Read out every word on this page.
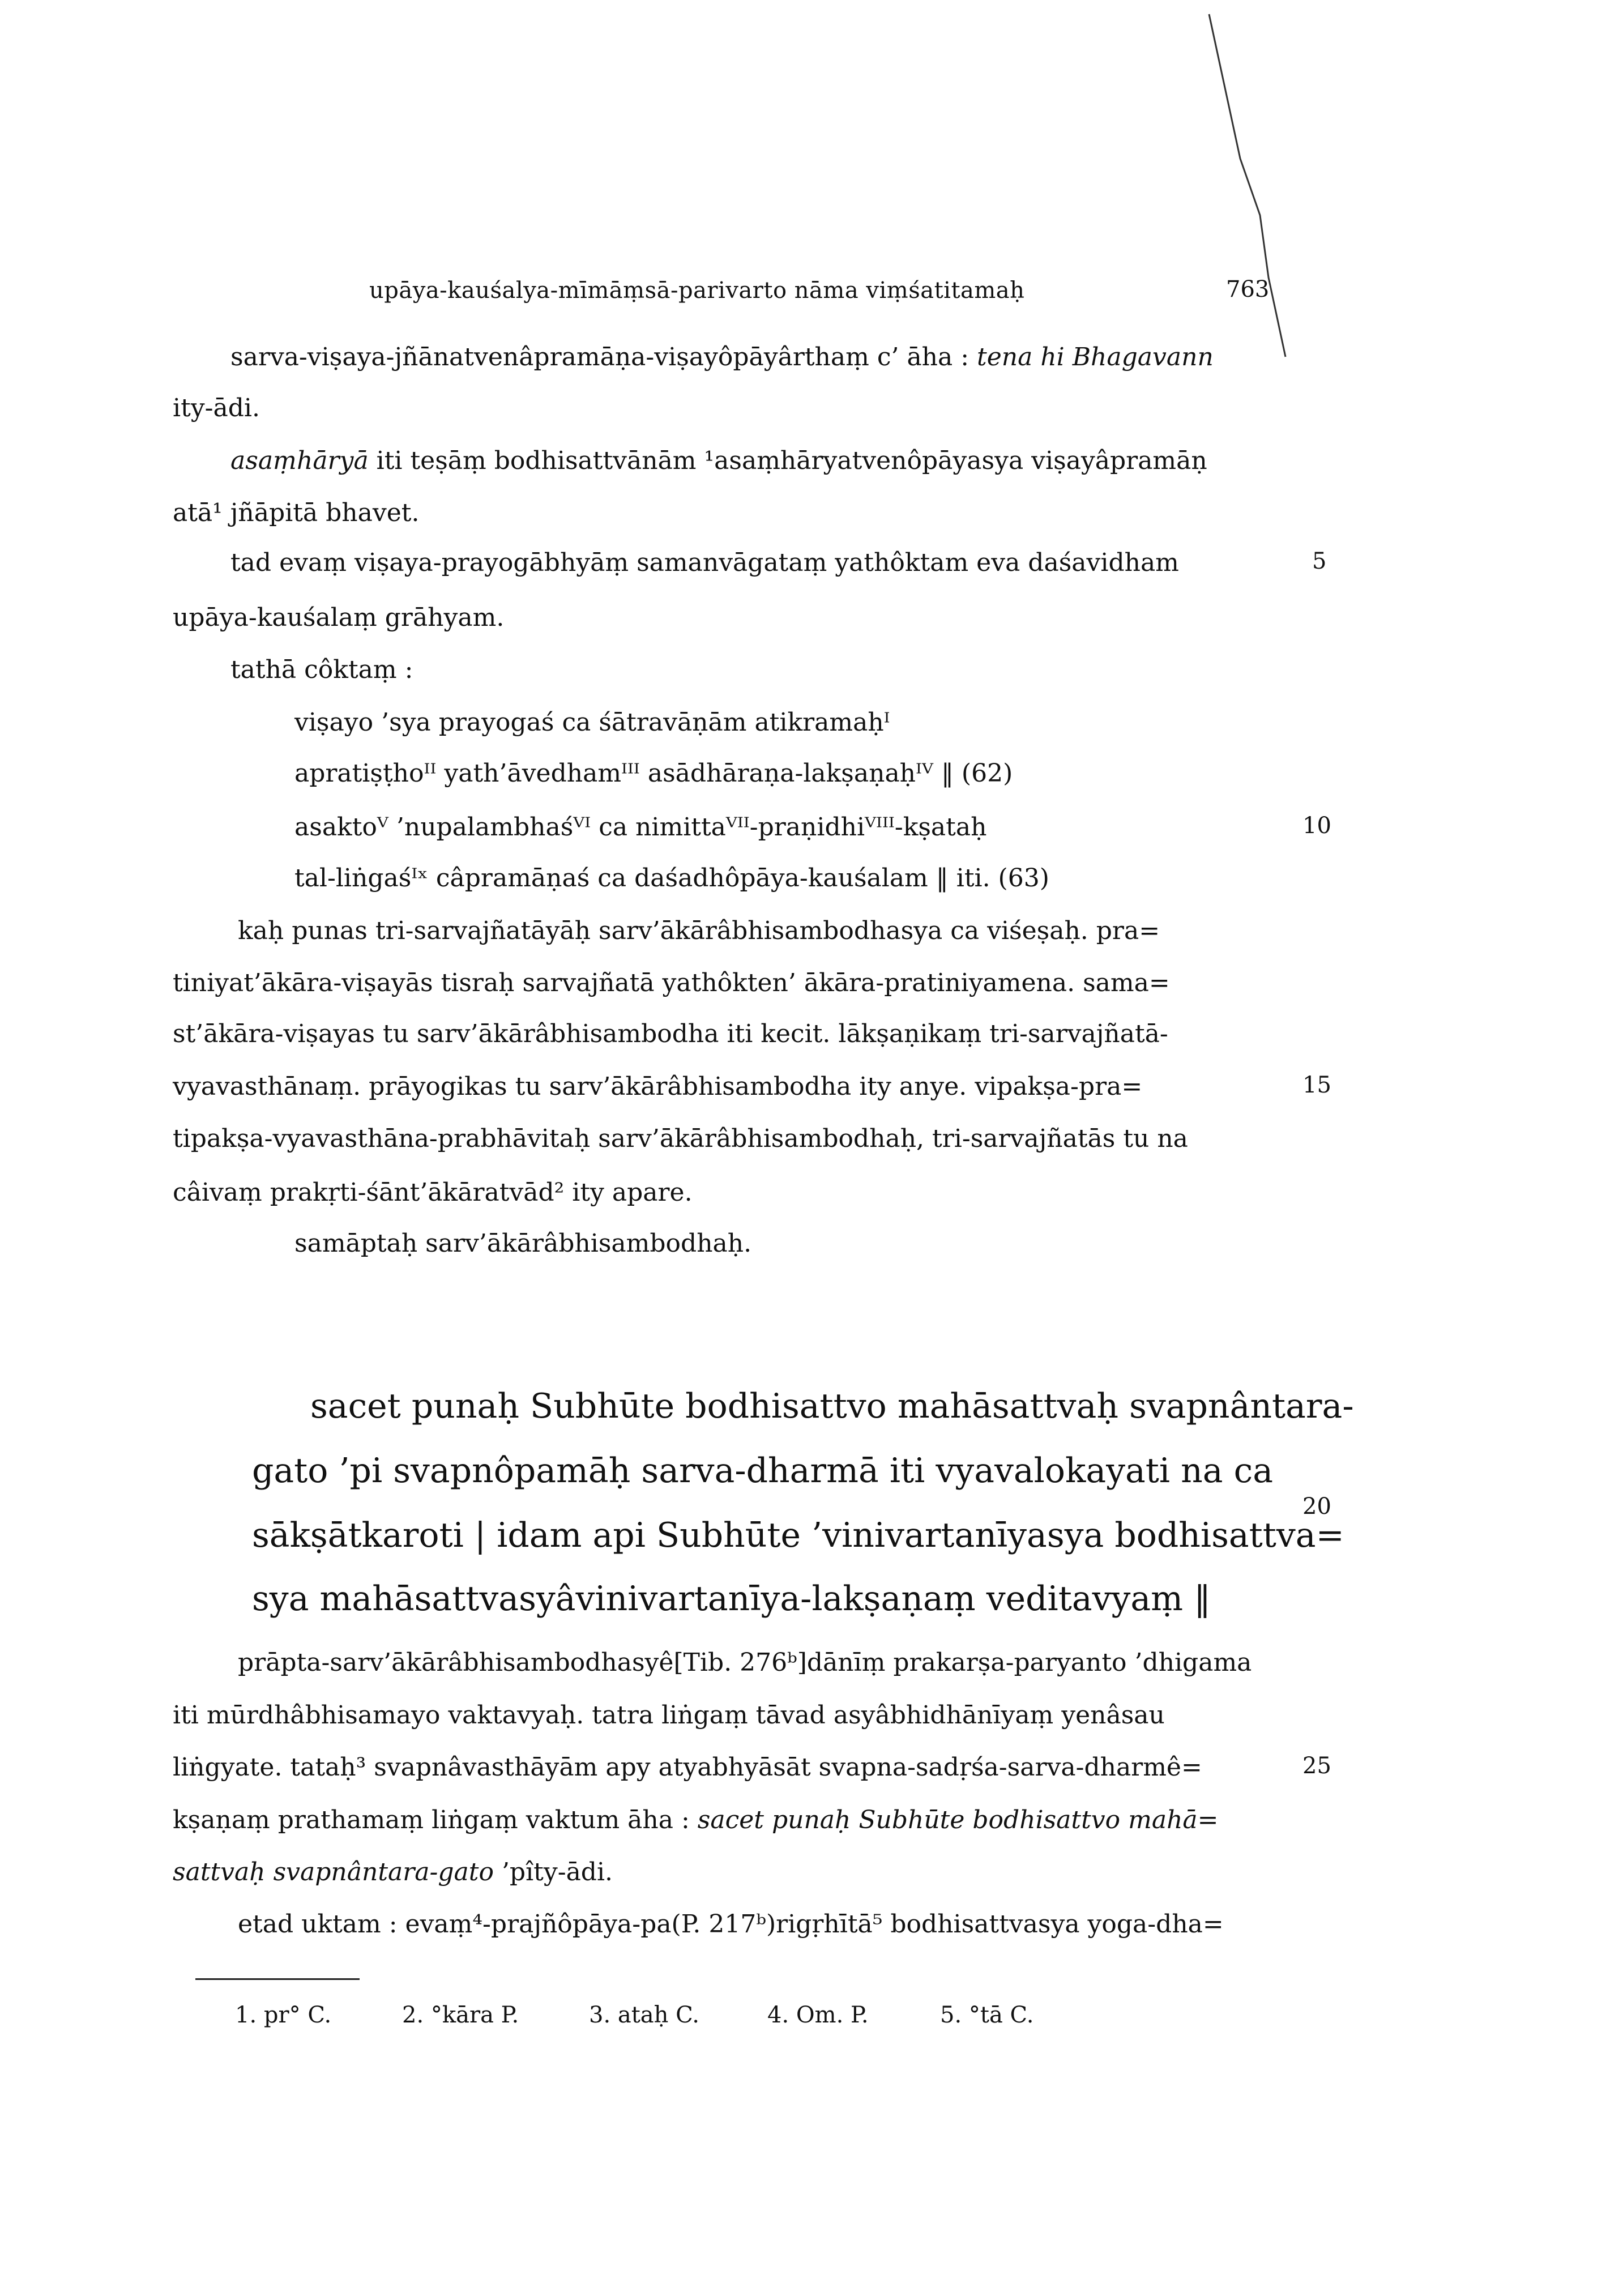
upāya-kauśalya-mīmāṃsā-parivarto nāma viṃśatitamaḥ	763
sarva-viṣaya-jñānatvenâpramāṇa-viṣayôpāyârthaṃ c’ āha : tena hi Bhagavann
ity-ādi.
asaṃhāryā iti teṣāṃ bodhisattvānām ¹asaṃhāryatvenôpāyasya viṣayâpramāṇ
atā¹ jñāpitā bhavet.
tad evaṃ viṣaya-prayogābhyāṃ samanvāgataṃ yathôktam eva daśavidham
upāya-kauśalaṃ grāhyam.
tathā côktaṃ :
viṣayo ’sya prayogaś ca śātravāṇām atikramaḥᴵ
apratiṣṭhoᴵᴵ yath’āvedhamᴵᴵᴵ asādhāraṇa-lakṣaṇaḥᴵⱽ ‖ (62)
asaktoⱽ ’nupalambhaśⱽᴵ ca nimittaⱽᴵᴵ-praṇidhiⱽᴵᴵᴵ-kṣataḥ
tal-liṅgaśᴵˣ câpramāṇaś ca daśadhôpāya-kauśalam ‖ iti. (63)
kaḥ punas tri-sarvajñatāyāḥ sarv’ākārâbhisambodhasya ca viśeṣaḥ. pra=
tiniyat’ākāra-viṣayās tisraḥ sarvajñatā yathôkten’ ākāra-pratiniyamena. sama=
st’ākāra-viṣayas tu sarv’ākārâbhisambodha iti kecit. lākṣaṇikaṃ tri-sarvajñatā-
vyavasthānaṃ. prāyogikas tu sarv’ākārâbhisambodha ity anye. vipakṣa-pra=
tipakṣa-vyavasthāna-prabhāvitaḥ sarv’ākārâbhisambodhaḥ, tri-sarvajñatās tu na
câivaṃ prakṛti-śānt’ākāratvād² ity apare.
samāptaḥ sarv’ākārâbhisambodhaḥ.
sacet punaḥ Subhūte bodhisattvo mahāsattvaḥ svapnântara-
gato ’pi svapnôpamāḥ sarva-dharmā iti vyavalokayati na ca
sākṣātkaroti | idam api Subhūte ’vinivartanīyasya bodhisattva=
sya mahāsattvasyâvinivartanīya-lakṣaṇaṃ veditavyaṃ ‖
prāpta-sarv’ākārâbhisambodhasyê[Tib. 276ᵇ]dānīṃ prakarṣa-paryanto ’dhigama
iti mūrdhâbhisamayo vaktavyaḥ. tatra liṅgaṃ tāvad asyâbhidhānīyaṃ yenâsau
liṅgyate. tataḥ³ svapnâvasthāyām apy atyabhyāsāt svapna-sadṛśa-sarva-dharmê=
kṣaṇaṃ prathamaṃ liṅgaṃ vaktum āha : sacet punaḥ Subhūte bodhisattvo mahā=
sattvaḥ svapnântara-gato ’pîty-ādi.
etad uktam : evaṃ⁴-prajñôpāya-pa(P. 217ᵇ)rigṛhītā⁵ bodhisattvasya yoga-dha=
5
10
15
20
25
1. pr° C.	2. °kāra P.	3. ataḥ C.	4. Om. P.	5. °tā C.
